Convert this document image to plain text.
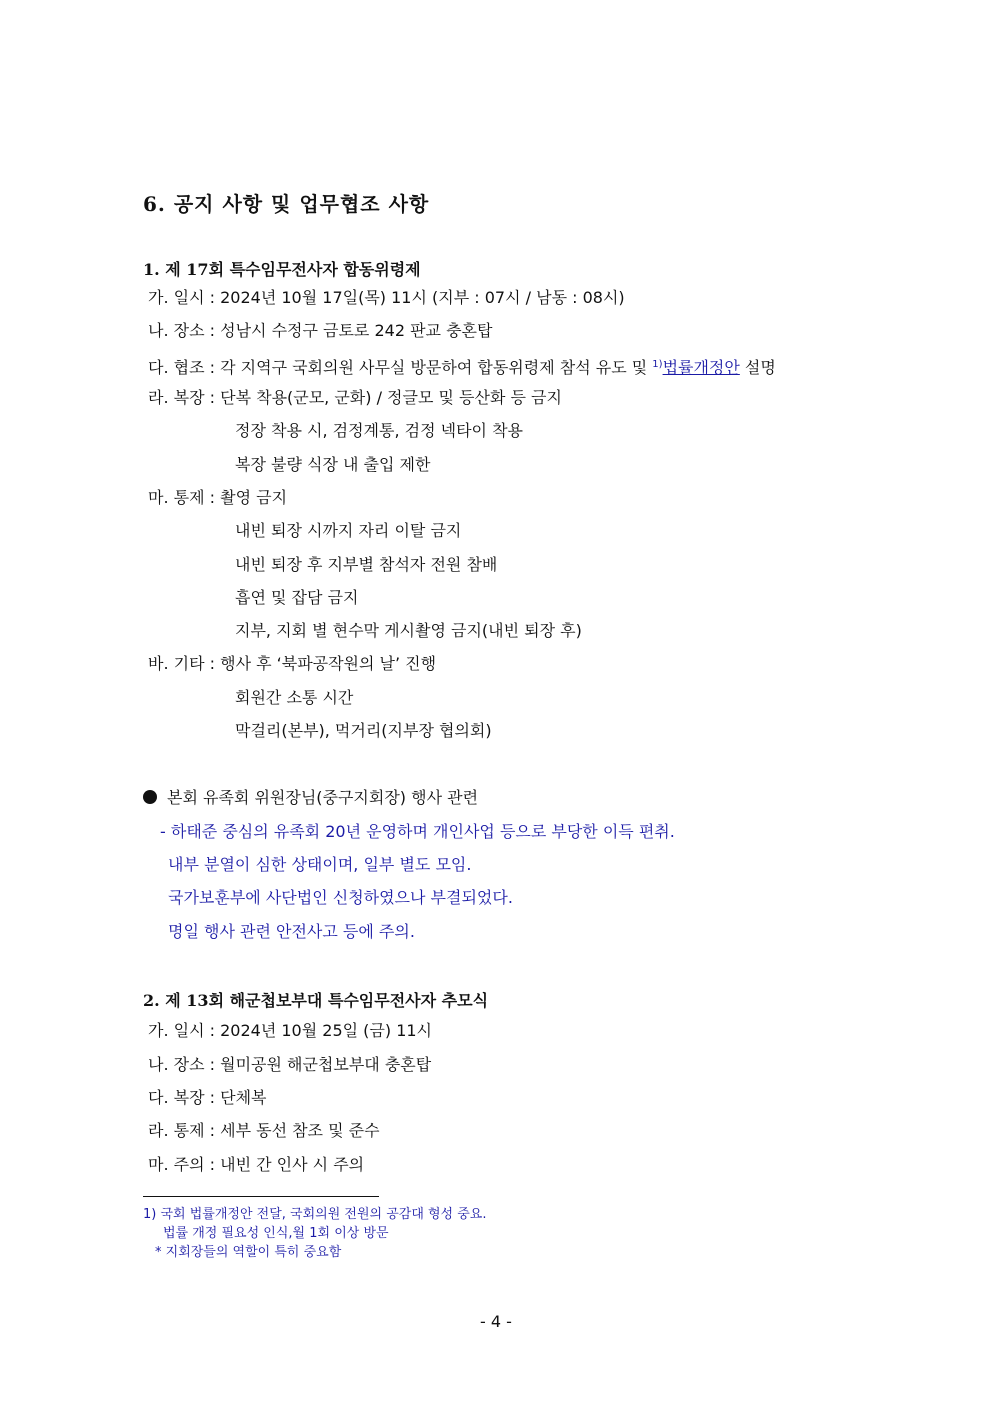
6. 공지 사항 및 업무협조 사항
1. 제 17회 특수임무전사자 합동위령제
가. 일시 : 2024년 10월 17일(목) 11시 (지부 : 07시 / 남동 : 08시)
나. 장소 : 성남시 수정구 금토로 242 판교 충혼탑
다. 협조 : 각 지역구 국회의원 사무실 방문하여 합동위령제 참석 유도 및 $^{1)}$법률개정안 설명
라. 복장 : 단복 착용(군모, 군화) / 정글모 및 등산화 등 금지
정장 착용 시, 검정계통, 검정 넥타이 착용
복장 불량 식장 내 출입 제한
마. 통제 : 촬영 금지
내빈 퇴장 시까지 자리 이탈 금지
내빈 퇴장 후 지부별 참석자 전원 참배
흡연 및 잡담 금지
지부, 지회 별 현수막 게시촬영 금지(내빈 퇴장 후)
바. 기타 : 행사 후 ‘북파공작원의 날’ 진행
회원간 소통 시간
막걸리(본부), 먹거리(지부장 협의회)
본회 유족회 위원장님(중구지회장) 행사 관련
- 하태준 중심의 유족회 20년 운영하며 개인사업 등으로 부당한 이득 편취.
내부 분열이 심한 상태이며, 일부 별도 모임.
국가보훈부에 사단법인 신청하였으나 부결되었다.
명일 행사 관련 안전사고 등에 주의.
2. 제 13회 해군첩보부대 특수임무전사자 추모식
가. 일시 : 2024년 10월 25일 (금) 11시
나. 장소 : 월미공원 해군첩보부대 충혼탑
다. 복장 : 단체복
라. 통제 : 세부 동선 참조 및 준수
마. 주의 : 내빈 간 인사 시 주의
1) 국회 법률개정안 전달, 국회의원 전원의 공감대 형성 중요.
법률 개정 필요성 인식,월 1회 이상 방문
* 지회장들의 역할이 특히 중요함
- 4 -
